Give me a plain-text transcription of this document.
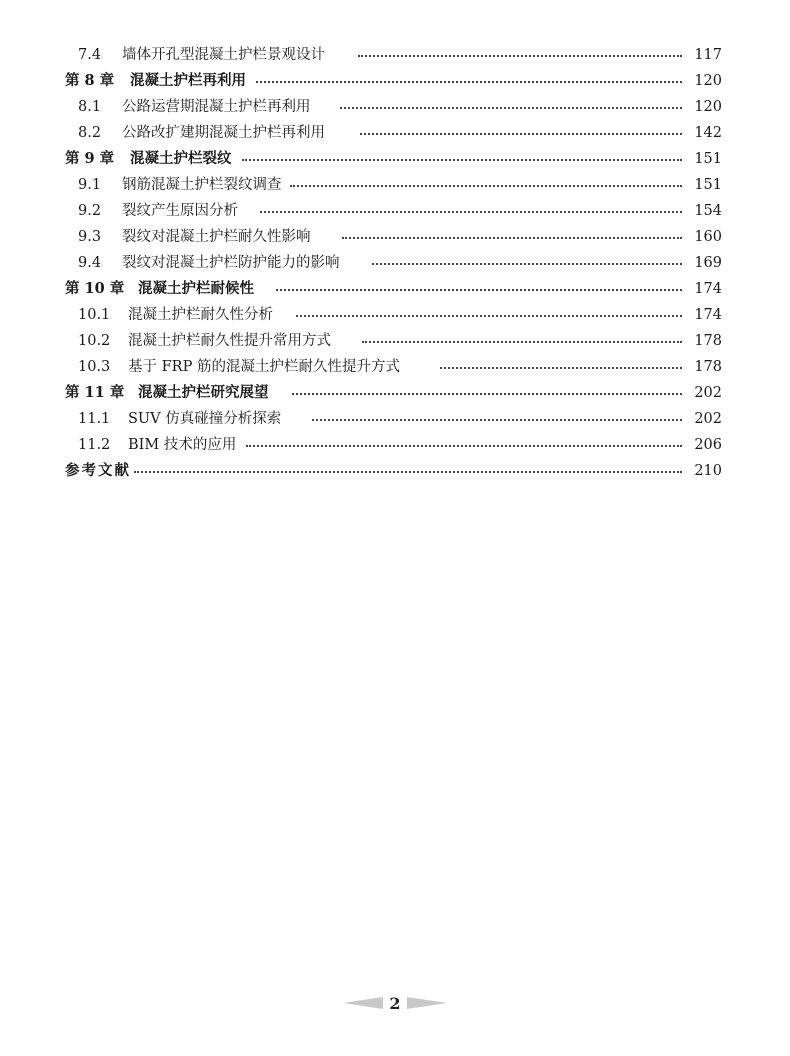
7.4	墙体开孔型混凝土护栏景观设计	117
第 8 章 混凝土护栏再利用	120
8.1	公路运营期混凝土护栏再利用	120
8.2	公路改扩建期混凝土护栏再利用	142
第 9 章 混凝土护栏裂纹	151
9.1	钢筋混凝土护栏裂纹调查	151
9.2	裂纹产生原因分析	154
9.3	裂纹对混凝土护栏耐久性影响	160
9.4	裂纹对混凝土护栏防护能力的影响	169
第 10 章 混凝土护栏耐候性	174
10.1	混凝土护栏耐久性分析	174
10.2	混凝土护栏耐久性提升常用方式	178
10.3	基于 FRP 筋的混凝土护栏耐久性提升方式	178
第 11 章 混凝土护栏研究展望	202
11.1	SUV 仿真碰撞分析探索	202
11.2	BIM 技术的应用	206
参考文献	210
2
